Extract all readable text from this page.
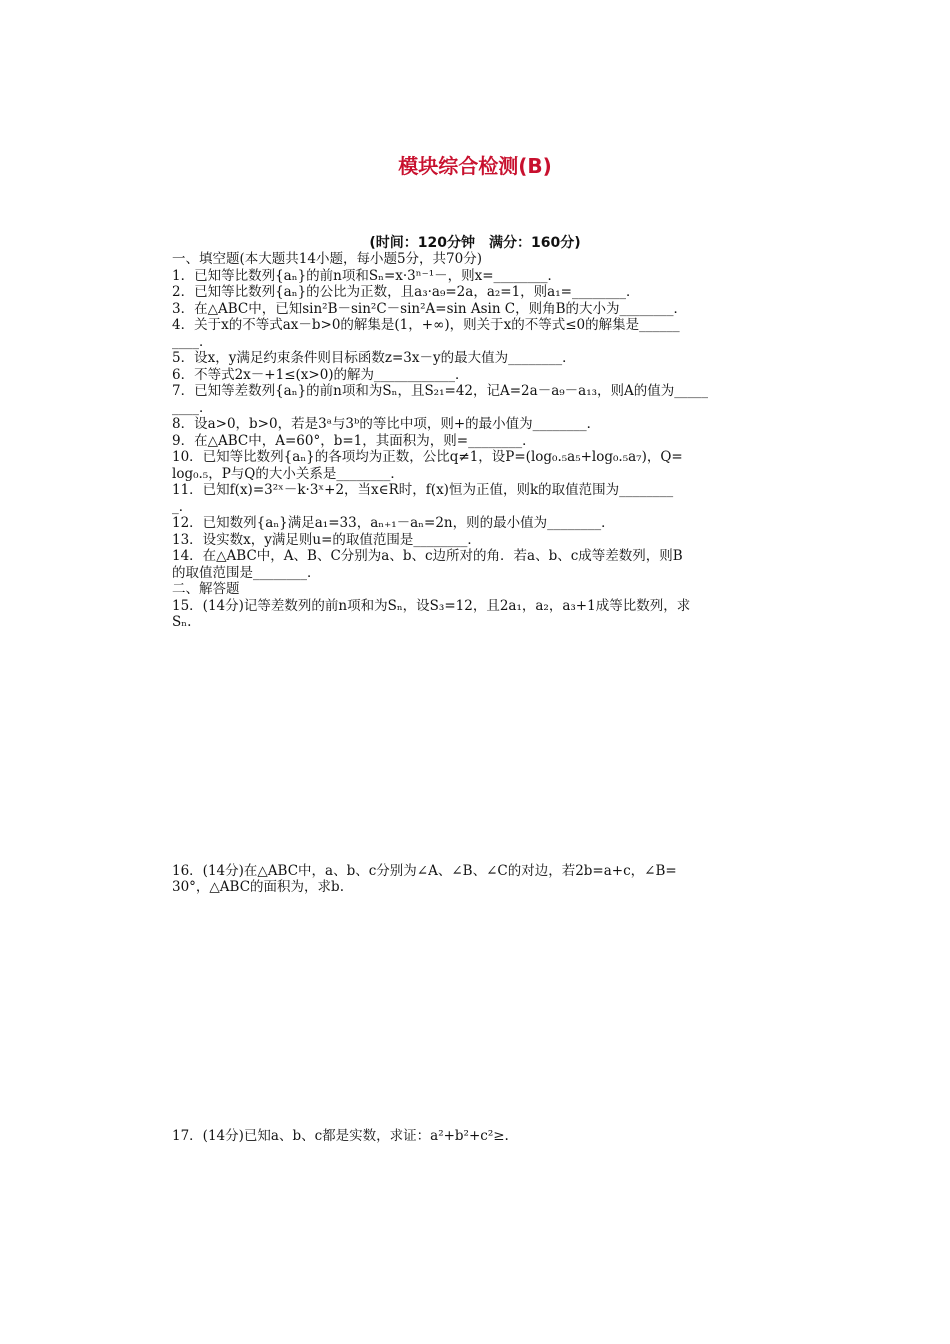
模块综合检测(B)
(时间：120分钟　满分：160分)
一、填空题(本大题共14小题，每小题5分，共70分)
1．已知等比数列{aₙ}的前n项和Sₙ=x·3ⁿ⁻¹－，则x=________．
2．已知等比数列{aₙ}的公比为正数，且a₃·a₉=2a，a₂=1，则a₁=________．
3．在△ABC中，已知sin²B－sin²C－sin²A=sin Asin C，则角B的大小为________．
4．关于x的不等式ax－b>0的解集是(1，+∞)，则关于x的不等式≤0的解集是______
____．
5．设x，y满足约束条件则目标函数z=3x－y的最大值为________．
6．不等式2x－+1≤(x>0)的解为____________．
7．已知等差数列{aₙ}的前n项和为Sₙ，且S₂₁=42，记A=2a－a₉－a₁₃，则A的值为_____
____．
8．设a>0，b>0，若是3ᵃ与3ᵇ的等比中项，则+的最小值为________．
9．在△ABC中，A=60°，b=1，其面积为，则=________．
10．已知等比数列{aₙ}的各项均为正数，公比q≠1，设P=(log₀.₅a₅+log₀.₅a₇)，Q=
log₀.₅，P与Q的大小关系是________．
11．已知f(x)=3²ˣ－k·3ˣ+2，当x∈R时，f(x)恒为正值，则k的取值范围为________
_．
12．已知数列{aₙ}满足a₁=33，aₙ₊₁－aₙ=2n，则的最小值为________．
13．设实数x，y满足则u=的取值范围是________．
14．在△ABC中，A、B、C分别为a、b、c边所对的角．若a、b、c成等差数列，则B
的取值范围是________．
二、解答题
15．(14分)记等差数列的前n项和为Sₙ，设S₃=12，且2a₁，a₂，a₃+1成等比数列，求
Sₙ.
16．(14分)在△ABC中，a、b、c分别为∠A、∠B、∠C的对边，若2b=a+c，∠B=
30°，△ABC的面积为，求b.
17．(14分)已知a、b、c都是实数，求证：a²+b²+c²≥.
